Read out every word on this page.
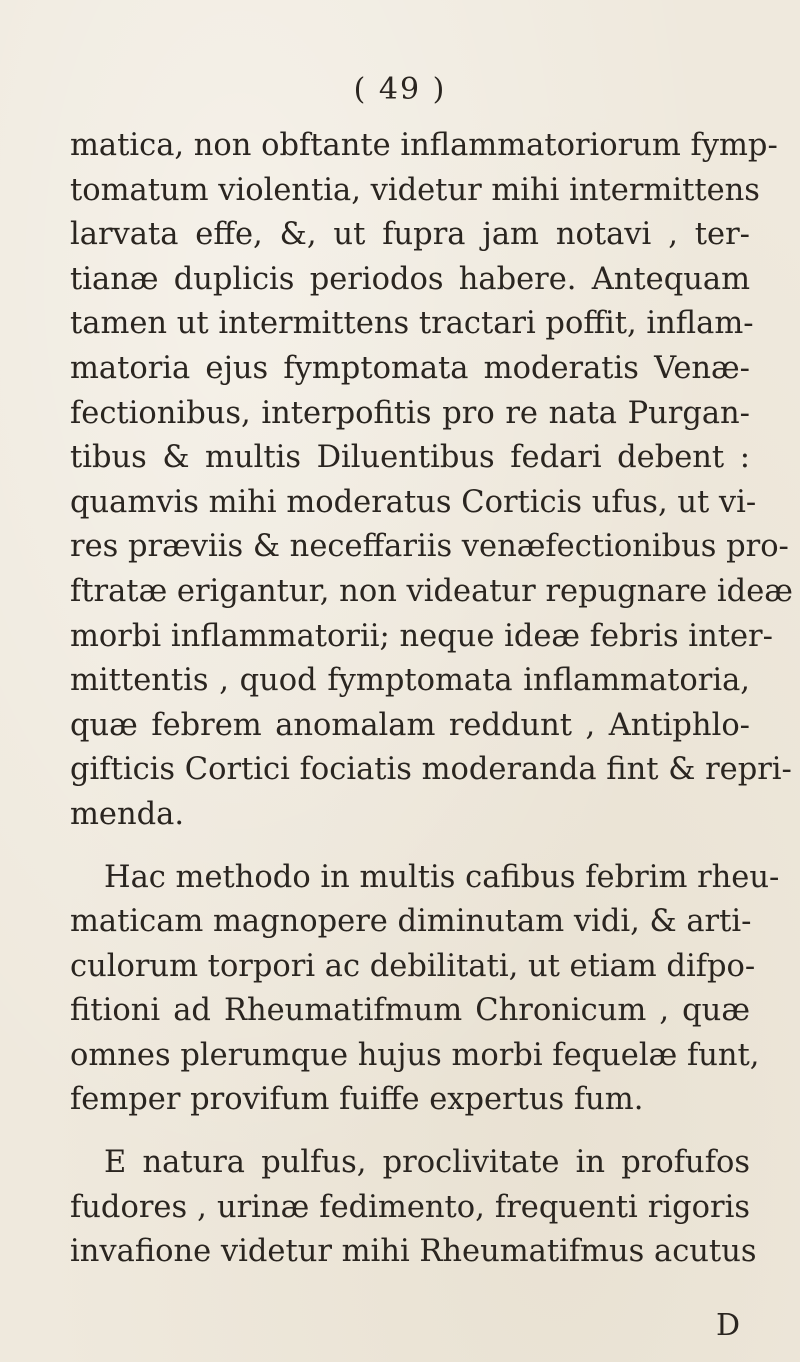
( 49 )
matica, non obftante inflammatoriorum fymp-
tomatum violentia, videtur mihi intermittens
larvata effe, &, ut fupra jam notavi , ter-
tianæ duplicis periodos habere. Antequam
tamen ut intermittens tractari poffit, inflam-
matoria ejus fymptomata moderatis Venæ-
fectionibus, interpofitis pro re nata Purgan-
tibus & multis Diluentibus fedari debent :
quamvis mihi moderatus Corticis ufus, ut vi-
res præviis & neceffariis venæfectionibus pro-
ftratæ erigantur, non videatur repugnare ideæ
morbi inflammatorii; neque ideæ febris inter-
mittentis , quod fymptomata inflammatoria,
quæ febrem anomalam reddunt , Antiphlo-
gifticis Cortici fociatis moderanda fint & repri-
menda.
Hac methodo in multis cafibus febrim rheu-
maticam magnopere diminutam vidi, & arti-
culorum torpori ac debilitati, ut etiam difpo-
fitioni ad Rheumatifmum Chronicum , quæ
omnes plerumque hujus morbi fequelæ funt,
femper provifum fuiffe expertus fum.
E natura pulfus, proclivitate in profufos
fudores , urinæ fedimento, frequenti rigoris
invafione videtur mihi Rheumatifmus acutus
D
